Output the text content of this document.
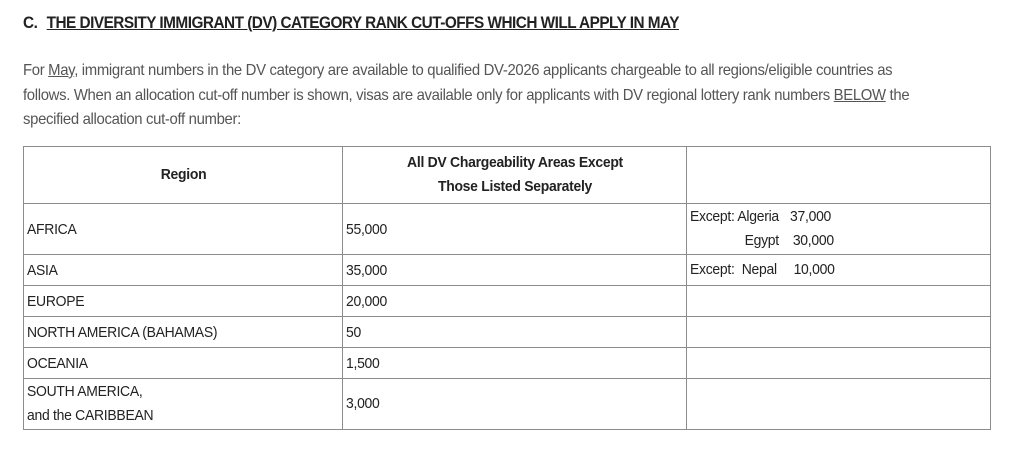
C. THE DIVERSITY IMMIGRANT (DV) CATEGORY RANK CUT-OFFS WHICH WILL APPLY IN MAY

For May, immigrant numbers in the DV category are available to qualified DV-2026 applicants chargeable to all regions/eligible countries as follows. When an allocation cut-off number is shown, visas are available only for applicants with DV regional lottery rank numbers BELOW the specified allocation cut-off number:

Region	All DV Chargeability Areas Except Those Listed Separately	
AFRICA	55,000	Except: Algeria 37,000
Egypt 30,000

ASIA	35,000	Except:  Nepal 10,000

EUROPE	20,000	
NORTH AMERICA (BAHAMAS)	50	
OCEANIA	1,500	
SOUTH AMERICA,
and the CARIBBEAN	3,000	
